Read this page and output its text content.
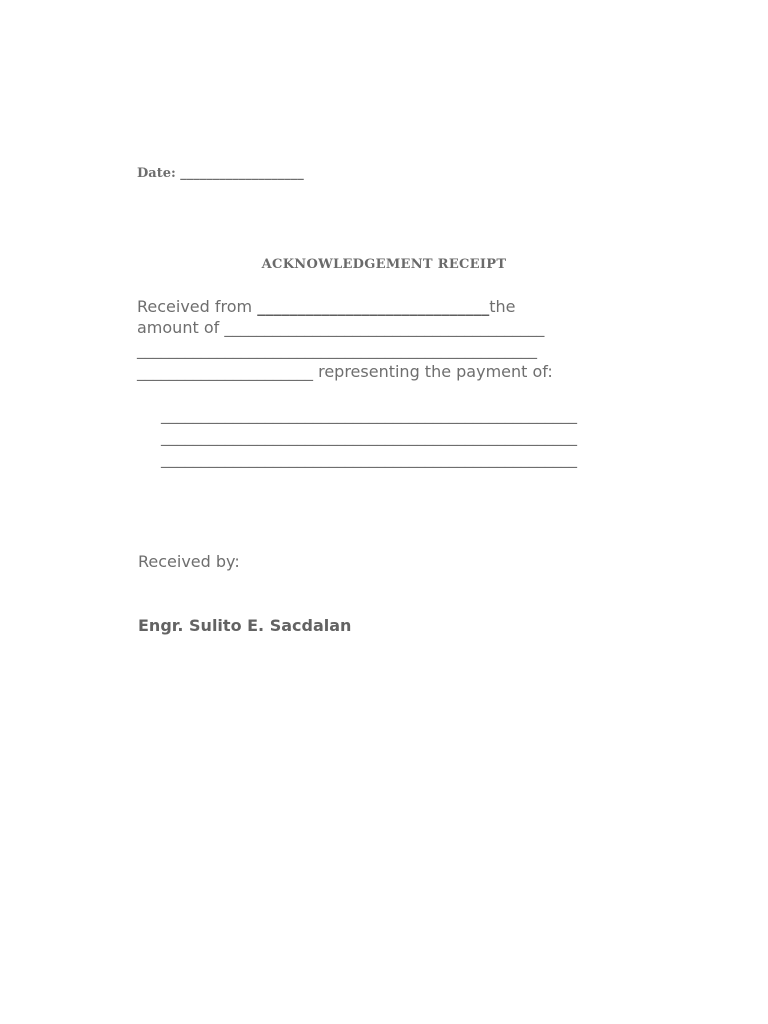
Date: ___________________
ACKNOWLEDGEMENT RECEIPT
Received from _____________________________the
amount of ________________________________________
__________________________________________________
______________________ representing the payment of:
____________________________________________________
____________________________________________________
____________________________________________________
Received by:
Engr. Sulito E. Sacdalan
